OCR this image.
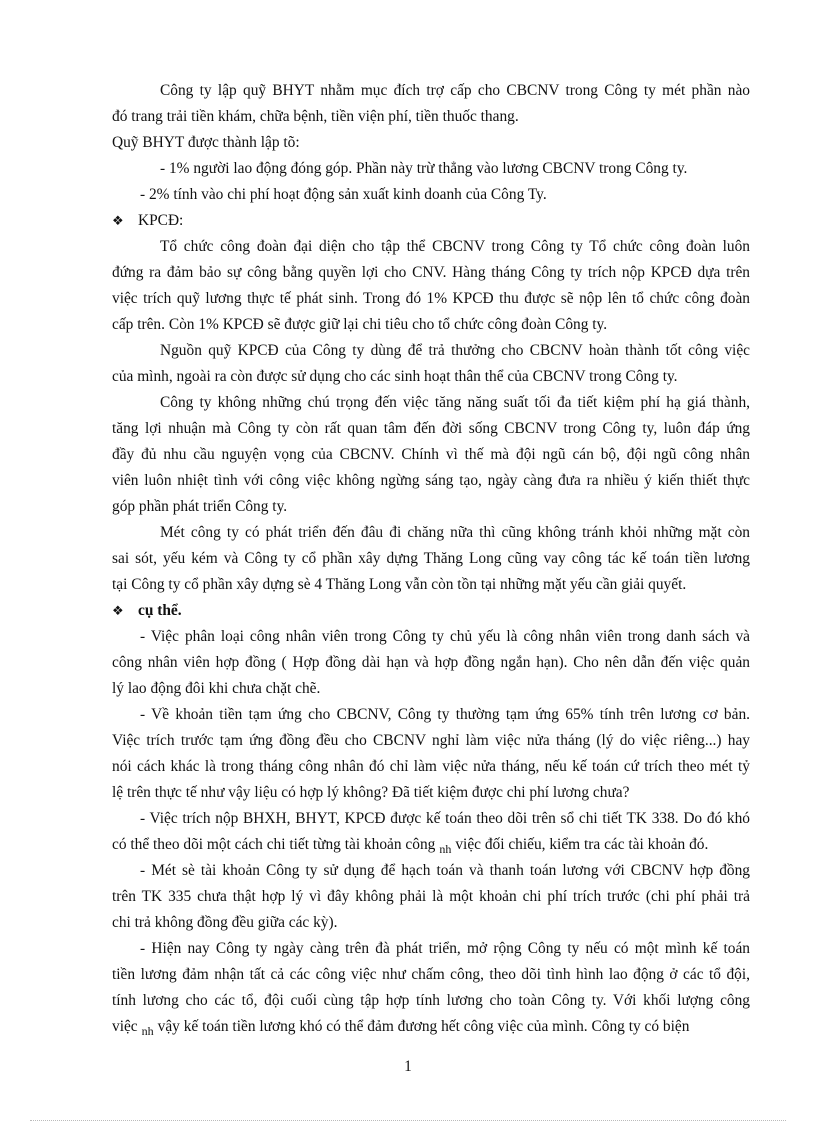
Công ty lập quỹ BHYT nhằm mục đích trợ cấp cho CBCNV trong Công ty mét phần nào
đó trang trải tiền khám, chữa bệnh, tiền viện phí, tiền thuốc thang.
Quỹ BHYT được thành lập tõ:
- 1% người lao động đóng góp. Phần này trừ thẳng vào lương CBCNV trong Công ty.
- 2% tính vào chi phí hoạt động sản xuất kinh doanh của Công Ty.
❖ KPCĐ:
Tổ chức công đoàn đại diện cho tập thể CBCNV trong Công ty Tổ chức công đoàn luôn
đứng ra đảm bảo sự công bằng quyền lợi cho CNV. Hàng tháng Công ty trích nộp KPCĐ dựa trên
việc trích quỹ lương thực tế phát sinh. Trong đó 1% KPCĐ thu được sẽ nộp lên tổ chức công đoàn
cấp trên. Còn 1% KPCĐ sẽ được giữ lại chi tiêu cho tổ chức công đoàn Công ty.
Nguồn quỹ KPCĐ của Công ty dùng để trả thưởng cho CBCNV hoàn thành tốt công việc
của mình, ngoài ra còn được sử dụng cho các sinh hoạt thân thể của CBCNV trong Công ty.
Công ty không những chú trọng đến việc tăng năng suất tối đa tiết kiệm phí hạ giá thành,
tăng lợi nhuận mà Công ty còn rất quan tâm đến đời sống CBCNV trong Công ty, luôn đáp ứng
đầy đủ nhu cầu nguyện vọng của CBCNV. Chính vì thế mà đội ngũ cán bộ, đội ngũ công nhân
viên luôn nhiệt tình với công việc không ngừng sáng tạo, ngày càng đưa ra nhiều ý kiến thiết thực
góp phần phát triển Công ty.
Mét công ty có phát triển đến đâu đi chăng nữa thì cũng không tránh khỏi những mặt còn
sai sót, yếu kém và Công ty cổ phần xây dựng Thăng Long cũng vay công tác kế toán tiền lương
tại Công ty cổ phần xây dựng sè 4 Thăng Long vẫn còn tồn tại những mặt yếu cần giải quyết.
❖ cụ thể.
- Việc phân loại công nhân viên trong Công ty chủ yếu là công nhân viên trong danh sách và
công nhân viên hợp đồng ( Hợp đồng dài hạn và hợp đồng ngắn hạn). Cho nên dẫn đến việc quản
lý lao động đôi khi chưa chặt chẽ.
- Về khoản tiền tạm ứng cho CBCNV, Công ty thường tạm ứng 65% tính trên lương cơ bản.
Việc trích trước tạm ứng đồng đều cho CBCNV nghỉ làm việc nửa tháng (lý do việc riêng...) hay
nói cách khác là trong tháng công nhân đó chỉ làm việc nửa tháng, nếu kế toán cứ trích theo mét tỷ
lệ trên thực tế như vậy liệu có hợp lý không? Đã tiết kiệm được chi phí lương chưa?
- Việc trích nộp BHXH, BHYT, KPCĐ được kế toán theo dõi trên sổ chi tiết TK 338. Do đó khó
có thể theo dõi một cách chi tiết từng tài khoản công $_{nh}$ việc đối chiếu, kiểm tra các tài khoản đó.
- Mét sè tài khoản Công ty sử dụng để hạch toán và thanh toán lương với CBCNV hợp đồng
trên TK 335 chưa thật hợp lý vì đây không phải là một khoản chi phí trích trước (chi phí phải trả
chi trả không đồng đều giữa các kỳ).
- Hiện nay Công ty ngày càng trên đà phát triển, mở rộng Công ty nếu có một mình kế toán
tiền lương đảm nhận tất cả các công việc như chấm công, theo dõi tình hình lao động ở các tổ đội,
tính lương cho các tổ, đội cuối cùng tập hợp tính lương cho toàn Công ty. Với khối lượng công
việc $_{nh}$ vậy kế toán tiền lương khó có thể đảm đương hết công việc của mình. Công ty có biện
1
